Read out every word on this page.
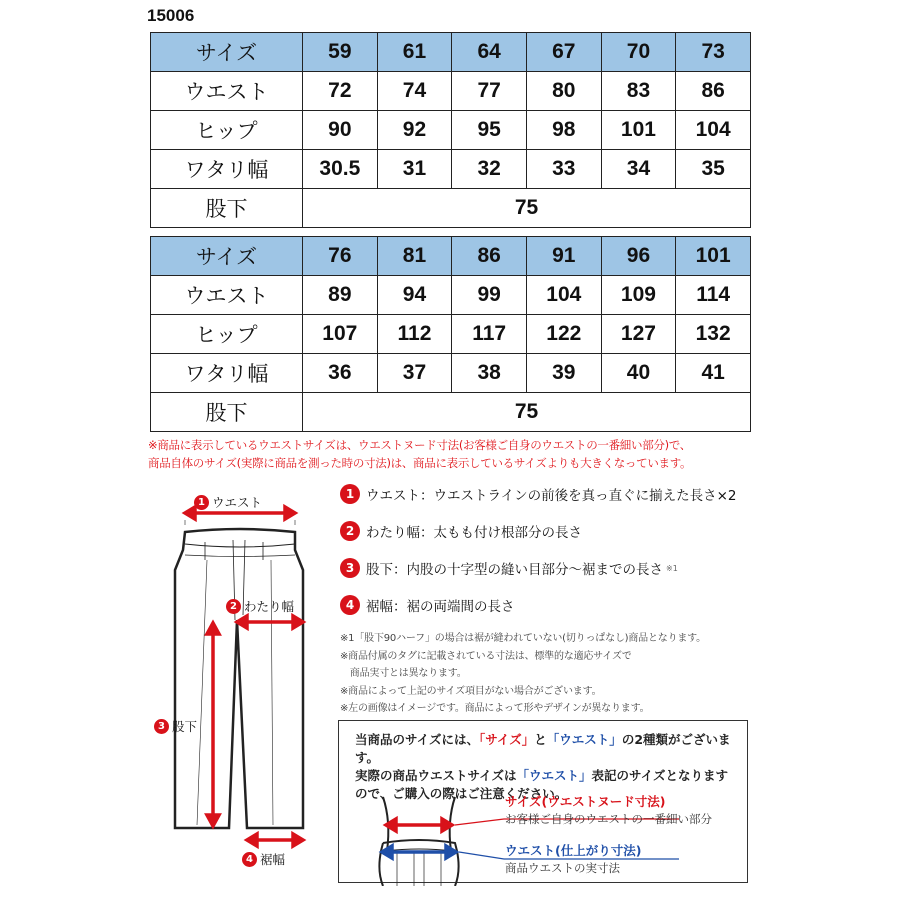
15006
サイズ	59	61	64	67	70	73
ウエスト	72	74	77	80	83	86
ヒップ	90	92	95	98	101	104
ワタリ幅	30.5	31	32	33	34	35
股下	75					
サイズ	76	81	86	91	96	101
ウエスト	89	94	99	104	109	114
ヒップ	107	112	117	122	127	132
ワタリ幅	36	37	38	39	40	41
股下	75					
※商品に表示しているウエストサイズは、ウエストヌード寸法(お客様ご自身のウエストの一番細い部分)で、
商品自体のサイズ(実際に商品を測った時の寸法)は、商品に表示しているサイズよりも大きくなっています。
1 ウエスト
2 わたり幅
3 股下
4 裾幅
1 ウエスト：ウエストラインの前後を真っ直ぐに揃えた長さ×2
2 わたり幅：太もも付け根部分の長さ
3 股下：内股の十字型の縫い目部分～裾までの長さ ※1
4 裾幅：裾の両端間の長さ
※1「股下90ハーフ」の場合は裾が縫われていない(切りっぱなし)商品となります。
※商品付属のタグに記載されている寸法は、標準的な適応サイズで
　商品実寸とは異なります。
※商品によって上記のサイズ項目がない場合がございます。
※左の画像はイメージです。商品によって形やデザインが異なります。
当商品のサイズには、「サイズ」と「ウエスト」の2種類がございます。
実際の商品ウエストサイズは「ウエスト」表記のサイズとなります
ので、ご購入の際はご注意ください。
サイズ(ウエストヌード寸法)
お客様ご自身のウエストの一番細い部分
ウエスト(仕上がり寸法)
商品ウエストの実寸法
